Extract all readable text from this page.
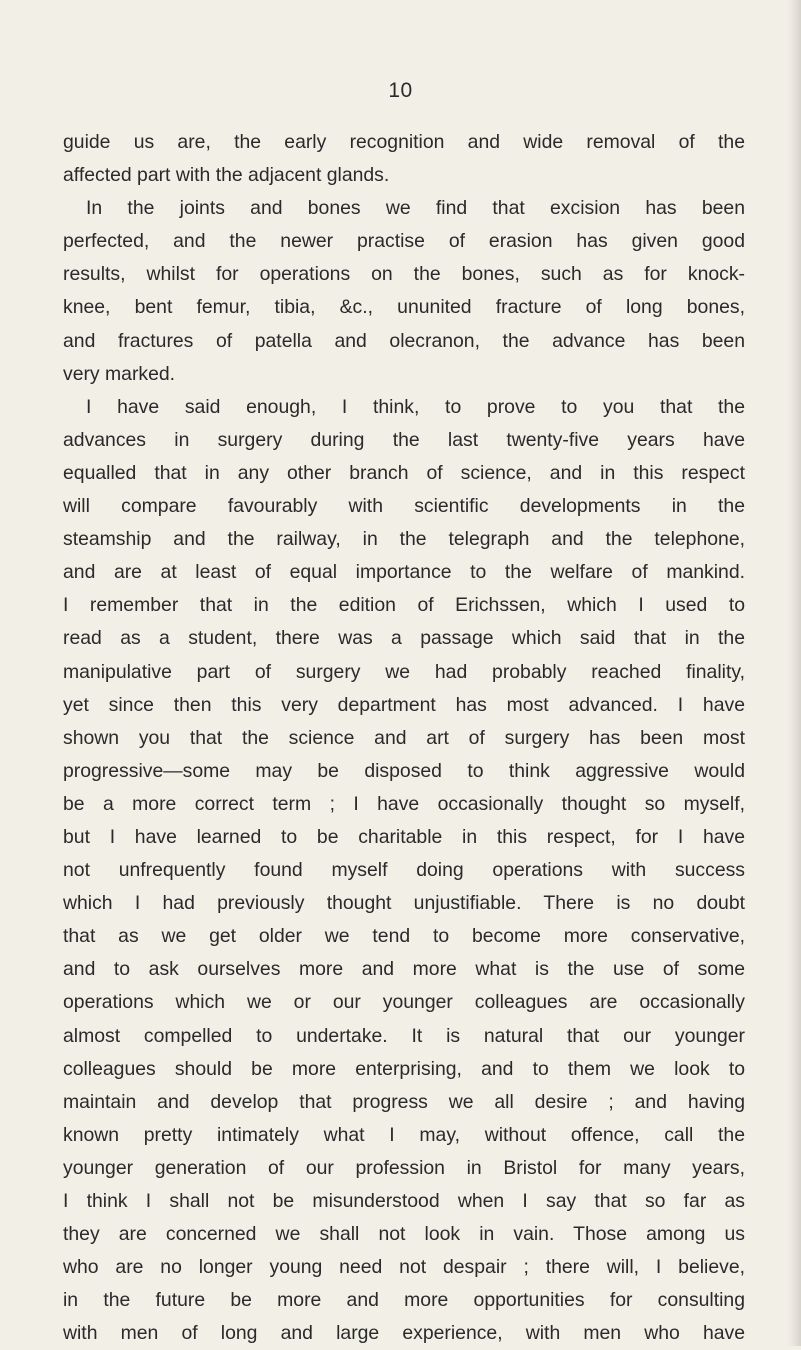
10
guide us are, the early recognition and wide removal of the
affected part with the adjacent glands.
In the joints and bones we find that excision has been
perfected, and the newer practise of erasion has given good
results, whilst for operations on the bones, such as for knock-
knee, bent femur, tibia, &c., ununited fracture of long bones,
and fractures of patella and olecranon, the advance has been
very marked.
I have said enough, I think, to prove to you that the
advances in surgery during the last twenty-five years have
equalled that in any other branch of science, and in this respect
will compare favourably with scientific developments in the
steamship and the railway, in the telegraph and the telephone,
and are at least of equal importance to the welfare of mankind.
I remember that in the edition of Erichssen, which I used to
read as a student, there was a passage which said that in the
manipulative part of surgery we had probably reached finality,
yet since then this very department has most advanced. I have
shown you that the science and art of surgery has been most
progressive—some may be disposed to think aggressive would
be a more correct term ; I have occasionally thought so myself,
but I have learned to be charitable in this respect, for I have
not unfrequently found myself doing operations with success
which I had previously thought unjustifiable. There is no doubt
that as we get older we tend to become more conservative,
and to ask ourselves more and more what is the use of some
operations which we or our younger colleagues are occasionally
almost compelled to undertake. It is natural that our younger
colleagues should be more enterprising, and to them we look to
maintain and develop that progress we all desire ; and having
known pretty intimately what I may, without offence, call the
younger generation of our profession in Bristol for many years,
I think I shall not be misunderstood when I say that so far as
they are concerned we shall not look in vain. Those among us
who are no longer young need not despair ; there will, I believe,
in the future be more and more opportunities for consulting
with men of long and large experience, with men who have
